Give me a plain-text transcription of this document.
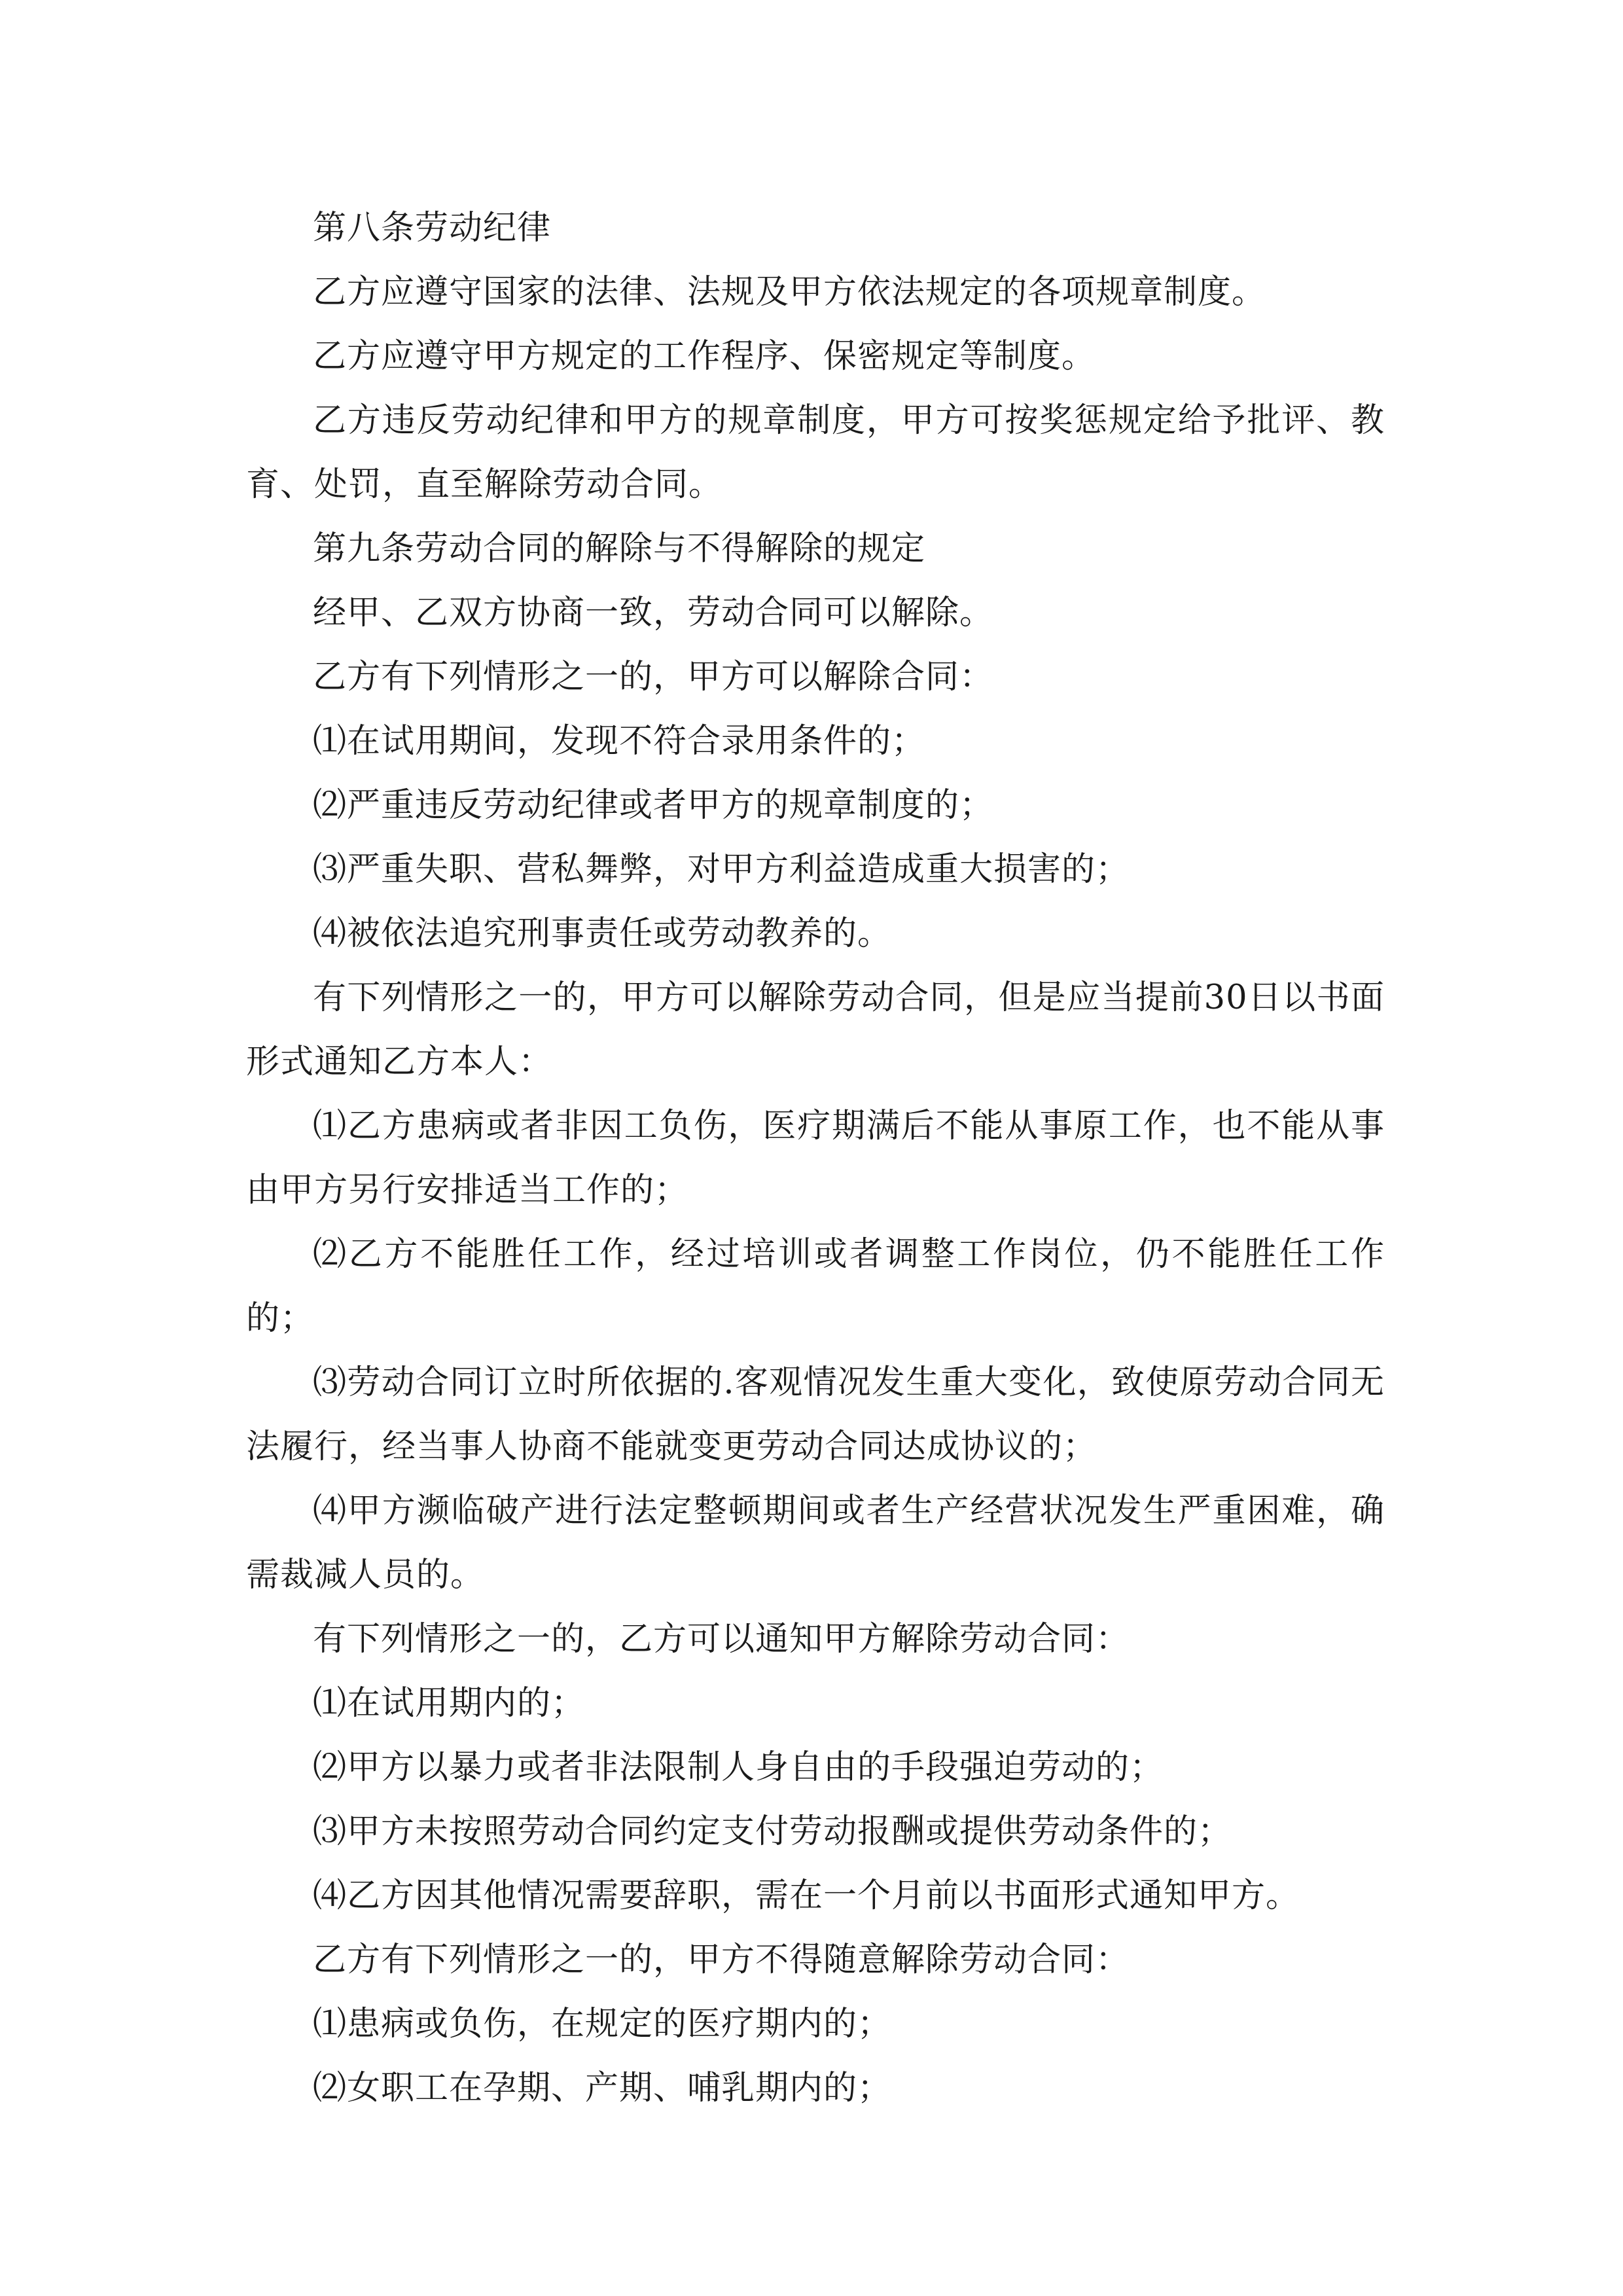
第八条劳动纪律

乙方应遵守国家的法律、法规及甲方依法规定的各项规章制度。

乙方应遵守甲方规定的工作程序、保密规定等制度。

乙方违反劳动纪律和甲方的规章制度，甲方可按奖惩规定给予批评、教育、处罚，直至解除劳动合同。

第九条劳动合同的解除与不得解除的规定

经甲、乙双方协商一致，劳动合同可以解除。

乙方有下列情形之一的，甲方可以解除合同：

⑴在试用期间，发现不符合录用条件的；

⑵严重违反劳动纪律或者甲方的规章制度的；

⑶严重失职、营私舞弊，对甲方利益造成重大损害的；

⑷被依法追究刑事责任或劳动教养的。

有下列情形之一的，甲方可以解除劳动合同，但是应当提前30日以书面形式通知乙方本人：

⑴乙方患病或者非因工负伤，医疗期满后不能从事原工作，也不能从事由甲方另行安排适当工作的；

⑵乙方不能胜任工作，经过培训或者调整工作岗位，仍不能胜任工作的；

⑶劳动合同订立时所依据的.客观情况发生重大变化，致使原劳动合同无法履行，经当事人协商不能就变更劳动合同达成协议的；

⑷甲方濒临破产进行法定整顿期间或者生产经营状况发生严重困难，确需裁减人员的。

有下列情形之一的，乙方可以通知甲方解除劳动合同：

⑴在试用期内的；

⑵甲方以暴力或者非法限制人身自由的手段强迫劳动的；

⑶甲方未按照劳动合同约定支付劳动报酬或提供劳动条件的；

⑷乙方因其他情况需要辞职，需在一个月前以书面形式通知甲方。

乙方有下列情形之一的，甲方不得随意解除劳动合同：

⑴患病或负伤，在规定的医疗期内的；

⑵女职工在孕期、产期、哺乳期内的；
